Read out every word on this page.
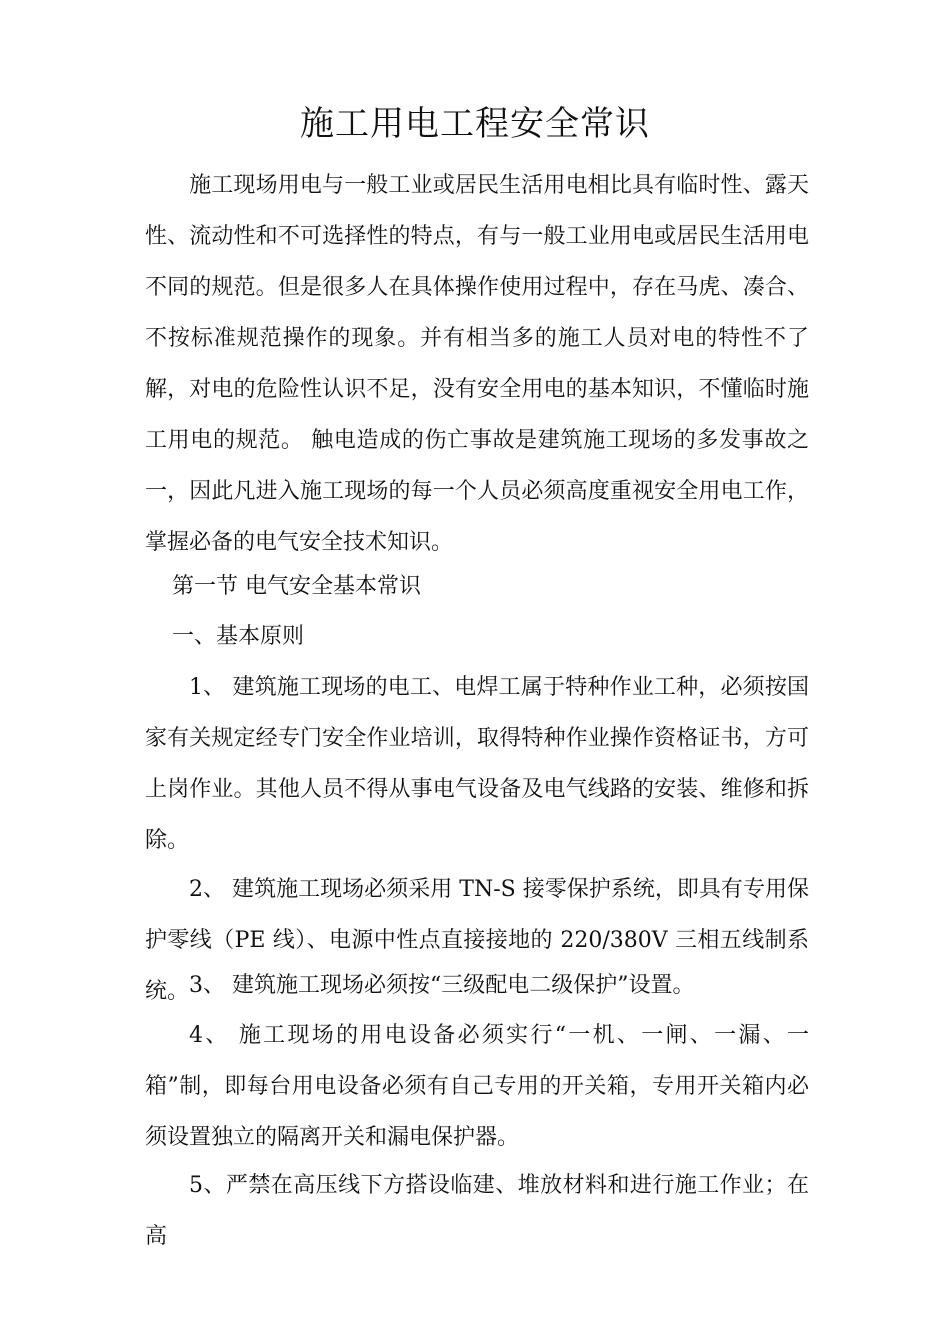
施工用电工程安全常识

施工现场用电与一般工业或居民生活用电相比具有临时性、露天性、流动性和不可选择性的特点，有与一般工业用电或居民生活用电不同的规范。但是很多人在具体操作使用过程中，存在马虎、凑合、不按标准规范操作的现象。并有相当多的施工人员对电的特性不了解，对电的危险性认识不足，没有安全用电的基本知识，不懂临时施工用电的规范。 触电造成的伤亡事故是建筑施工现场的多发事故之一，因此凡进入施工现场的每一个人员必须高度重视安全用电工作，掌握必备的电气安全技术知识。

第一节 电气安全基本常识
一、基本原则

1、 建筑施工现场的电工、电焊工属于特种作业工种，必须按国家有关规定经专门安全作业培训，取得特种作业操作资格证书，方可上岗作业。其他人员不得从事电气设备及电气线路的安装、维修和拆除。

2、 建筑施工现场必须采用 TN-S 接零保护系统，即具有专用保护零线（PE 线）、电源中性点直接接地的 220/380V 三相五线制系统。 3、 建筑施工现场必须按“三级配电二级保护”设置。

4、 施工现场的用电设备必须实行“一机、一闸、一漏、一箱”制，即每台用电设备必须有自己专用的开关箱，专用开关箱内必须设置独立的隔离开关和漏电保护器。

5、严禁在高压线下方搭设临建、堆放材料和进行施工作业；在高
